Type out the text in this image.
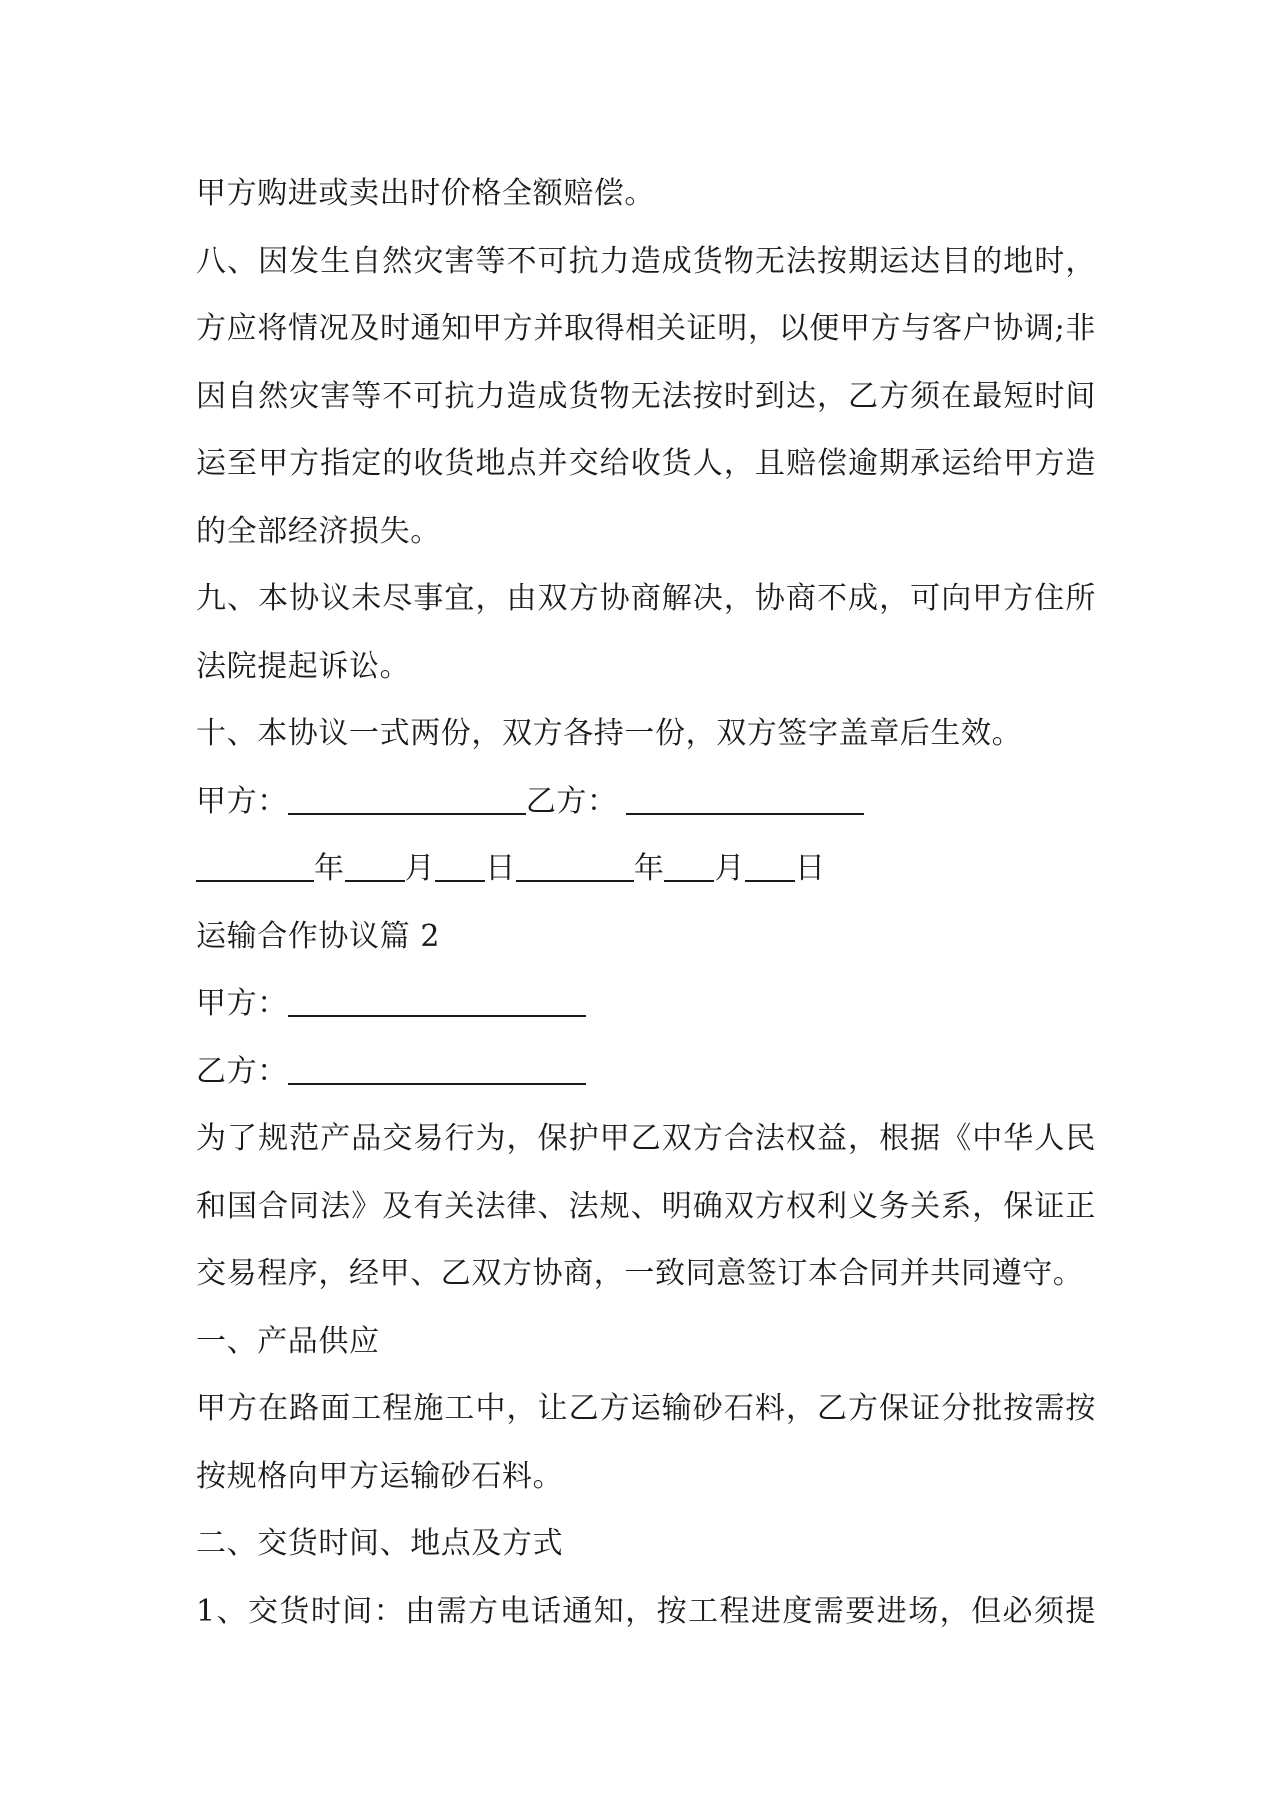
甲方购进或卖出时价格全额赔偿。
八、因发生自然灾害等不可抗力造成货物无法按期运达目的地时，
方应将情况及时通知甲方并取得相关证明，以便甲方与客户协调;非
因自然灾害等不可抗力造成货物无法按时到达，乙方须在最短时间
运至甲方指定的收货地点并交给收货人，且赔偿逾期承运给甲方造
的全部经济损失。
九、本协议未尽事宜，由双方协商解决，协商不成，可向甲方住所
法院提起诉讼。
十、本协议一式两份，双方各持一份，双方签字盖章后生效。
甲方：	乙方：
年 月 日	年 月 日
运输合作协议篇 2
甲方：
乙方：
为了规范产品交易行为，保护甲乙双方合法权益，根据《中华人民
和国合同法》及有关法律、法规、明确双方权利义务关系，保证正
交易程序，经甲、乙双方协商，一致同意签订本合同并共同遵守。
一、产品供应
甲方在路面工程施工中，让乙方运输砂石料，乙方保证分批按需按
按规格向甲方运输砂石料。
二、交货时间、地点及方式
1、交货时间：由需方电话通知，按工程进度需要进场，但必须提
